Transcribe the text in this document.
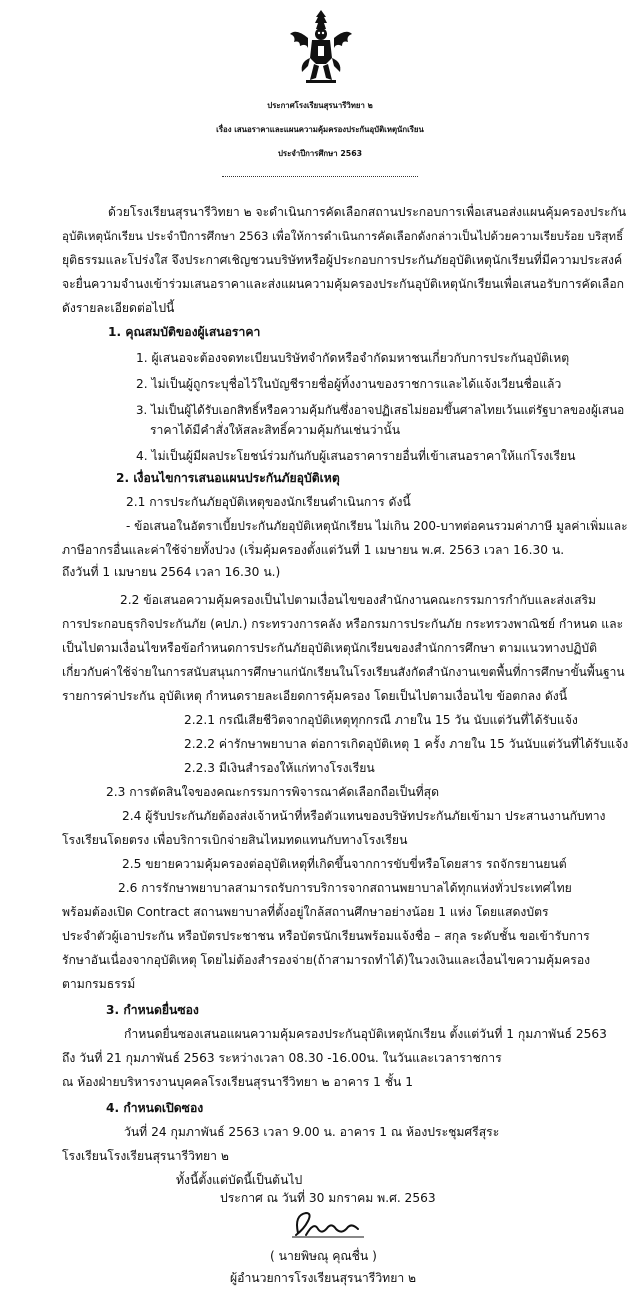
ประกาศโรงเรียนสุรนารีวิทยา ๒
เรื่อง เสนอราคาและแผนความคุ้มครองประกันอุบัติเหตุนักเรียน
ประจำปีการศึกษา 2563
ด้วยโรงเรียนสุรนารีวิทยา ๒ จะดำเนินการคัดเลือกสถานประกอบการเพื่อเสนอส่งแผนคุ้มครองประกัน
อุบัติเหตุนักเรียน ประจำปีการศึกษา 2563 เพื่อให้การดำเนินการคัดเลือกดังกล่าวเป็นไปด้วยความเรียบร้อย บริสุทธิ์
ยุติธรรมและโปร่งใส จึงประกาศเชิญชวนบริษัทหรือผู้ประกอบการประกันภัยอุบัติเหตุนักเรียนที่มีความประสงค์
จะยื่นความจำนงเข้าร่วมเสนอราคาและส่งแผนความคุ้มครองประกันอุบัติเหตุนักเรียนเพื่อเสนอรับการคัดเลือก
ดังรายละเอียดต่อไปนี้
1. คุณสมบัติของผู้เสนอราคา
1. ผู้เสนอจะต้องจดทะเบียนบริษัทจำกัดหรือจำกัดมหาชนเกี่ยวกับการประกันอุบัติเหตุ
2. ไม่เป็นผู้ถูกระบุชื่อไว้ในบัญชีรายชื่อผู้ทิ้งงานของราชการและได้แจ้งเวียนชื่อแล้ว
3. ไม่เป็นผู้ได้รับเอกสิทธิ์หรือความคุ้มกันซึ่งอาจปฏิเสธไม่ยอมขึ้นศาลไทยเว้นแต่รัฐบาลของผู้เสนอ
ราคาได้มีคำสั่งให้สละสิทธิ์ความคุ้มกันเช่นว่านั้น
4. ไม่เป็นผู้มีผลประโยชน์ร่วมกันกับผู้เสนอราคารายอื่นที่เข้าเสนอราคาให้แก่โรงเรียน
2. เงื่อนไขการเสนอแผนประกันภัยอุบัติเหตุ
2.1 การประกันภัยอุบัติเหตุของนักเรียนดำเนินการ ดังนี้
- ข้อเสนอในอัตราเบี้ยประกันภัยอุบัติเหตุนักเรียน ไม่เกิน 200-บาทต่อคนรวมค่าภาษี มูลค่าเพิ่มและ
ภาษีอากรอื่นและค่าใช้จ่ายทั้งปวง (เริ่มคุ้มครองตั้งแต่วันที่ 1 เมษายน พ.ศ. 2563 เวลา 16.30 น.
ถึงวันที่ 1 เมษายน 2564 เวลา 16.30 น.)
2.2 ข้อเสนอความคุ้มครองเป็นไปตามเงื่อนไขของสำนักงานคณะกรรมการกำกับและส่งเสริม
การประกอบธุรกิจประกันภัย (คปภ.) กระทรวงการคลัง หรือกรมการประกันภัย กระทรวงพาณิชย์ กำหนด และ
เป็นไปตามเงื่อนไขหรือข้อกำหนดการประกันภัยอุบัติเหตุนักเรียนของสำนักการศึกษา ตามแนวทางปฏิบัติ
เกี่ยวกับค่าใช้จ่ายในการสนับสนุนการศึกษาแก่นักเรียนในโรงเรียนสังกัดสำนักงานเขตพื้นที่การศึกษาขั้นพื้นฐาน
รายการค่าประกัน อุบัติเหตุ กำหนดรายละเอียดการคุ้มครอง โดยเป็นไปตามเงื่อนไข ข้อตกลง ดังนี้
2.2.1 กรณีเสียชีวิตจากอุบัติเหตุทุกกรณี ภายใน 15 วัน นับแต่วันที่ได้รับแจ้ง
2.2.2 ค่ารักษาพยาบาล ต่อการเกิดอุบัติเหตุ 1 ครั้ง ภายใน 15 วันนับแต่วันที่ได้รับแจ้ง
2.2.3 มีเงินสำรองให้แก่ทางโรงเรียน
2.3 การตัดสินใจของคณะกรรมการพิจารณาคัดเลือกถือเป็นที่สุด
2.4 ผู้รับประกันภัยต้องส่งเจ้าหน้าที่หรือตัวแทนของบริษัทประกันภัยเข้ามา ประสานงานกับทาง
โรงเรียนโดยตรง เพื่อบริการเบิกจ่ายสินไหมทดแทนกับทางโรงเรียน
2.5 ขยายความคุ้มครองต่ออุบัติเหตุที่เกิดขึ้นจากการขับขี่หรือโดยสาร รถจักรยานยนต์
2.6 การรักษาพยาบาลสามารถรับการบริการจากสถานพยาบาลได้ทุกแห่งทั่วประเทศไทย
พร้อมต้องเปิด Contract สถานพยาบาลที่ตั้งอยู่ใกล้สถานศึกษาอย่างน้อย 1 แห่ง โดยแสดงบัตร
ประจำตัวผู้เอาประกัน หรือบัตรประชาชน หรือบัตรนักเรียนพร้อมแจ้งชื่อ – สกุล ระดับชั้น ขอเข้ารับการ
รักษาอันเนื่องจากอุบัติเหตุ โดยไม่ต้องสำรองจ่าย(ถ้าสามารถทำได้)ในวงเงินและเงื่อนไขความคุ้มครอง
ตามกรมธรรม์
3. กำหนดยื่นซอง
กำหนดยื่นซองเสนอแผนความคุ้มครองประกันอุบัติเหตุนักเรียน ตั้งแต่วันที่ 1 กุมภาพันธ์ 2563
ถึง วันที่ 21 กุมภาพันธ์ 2563 ระหว่างเวลา 08.30 -16.00น. ในวันและเวลาราชการ
ณ ห้องฝ่ายบริหารงานบุคคลโรงเรียนสุรนารีวิทยา ๒ อาคาร 1 ชั้น 1
4. กำหนดเปิดซอง
วันที่ 24 กุมภาพันธ์ 2563 เวลา 9.00 น. อาคาร 1 ณ ห้องประชุมศรีสุระ
โรงเรียนโรงเรียนสุรนารีวิทยา ๒
ทั้งนี้ตั้งแต่บัดนี้เป็นต้นไป
ประกาศ ณ วันที่ 30 มกราคม พ.ศ. 2563
( นายพิษณุ คุณชื่น )
ผู้อำนวยการโรงเรียนสุรนารีวิทยา ๒
